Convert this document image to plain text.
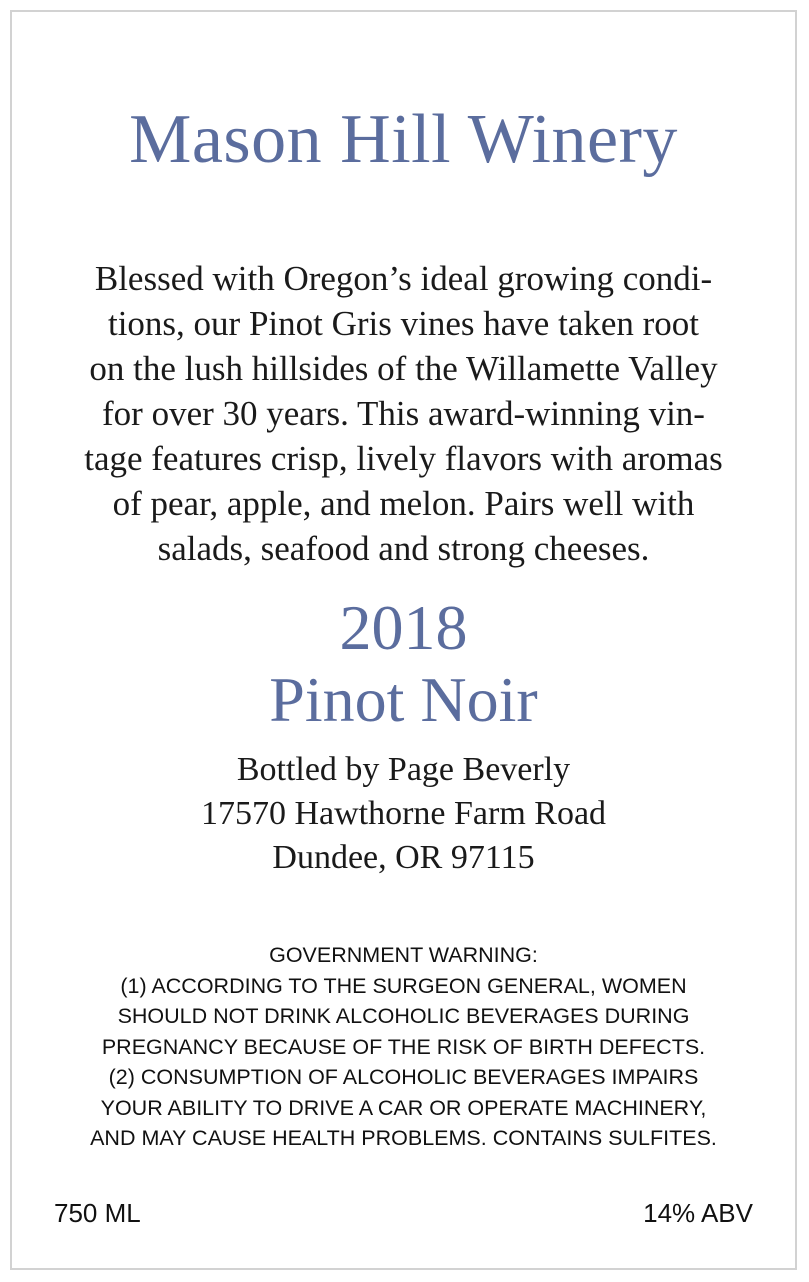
Mason Hill Winery
Blessed with Oregon’s ideal growing condi-
tions, our Pinot Gris vines have taken root
on the lush hillsides of the Willamette Valley
for over 30 years. This award-winning vin-
tage features crisp, lively flavors with aromas
of pear, apple, and melon. Pairs well with
salads, seafood and strong cheeses.
2018
Pinot Noir
Bottled by Page Beverly
17570 Hawthorne Farm Road
Dundee, OR 97115
GOVERNMENT WARNING:
(1) ACCORDING TO THE SURGEON GENERAL, WOMEN
SHOULD NOT DRINK ALCOHOLIC BEVERAGES DURING
PREGNANCY BECAUSE OF THE RISK OF BIRTH DEFECTS.
(2) CONSUMPTION OF ALCOHOLIC BEVERAGES IMPAIRS
YOUR ABILITY TO DRIVE A CAR OR OPERATE MACHINERY,
AND MAY CAUSE HEALTH PROBLEMS. CONTAINS SULFITES.
750 ML	14% ABV
